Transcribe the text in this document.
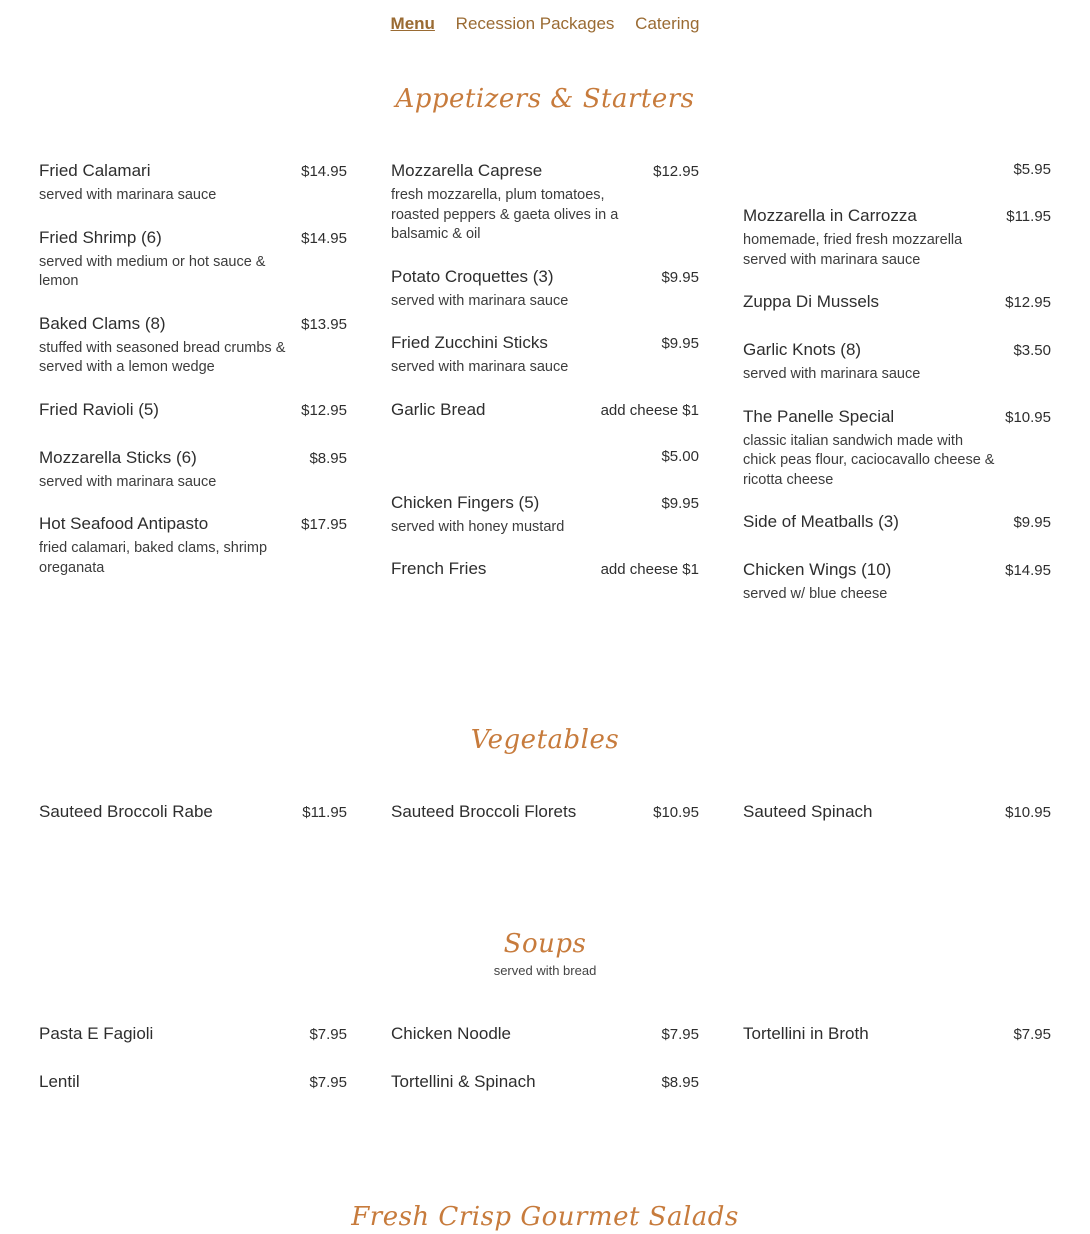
Menu Recession Packages Catering
Appetizers & Starters
Fried Calamari	$14.95
served with marinara sauce
Fried Shrimp (6)	$14.95
served with medium or hot sauce & lemon
Baked Clams (8)	$13.95
stuffed with seasoned bread crumbs & served with a lemon wedge
Fried Ravioli (5)	$12.95
Mozzarella Sticks (6)	$8.95
served with marinara sauce
Hot Seafood Antipasto	$17.95
fried calamari, baked clams, shrimp oreganata
Mozzarella Caprese	$12.95
fresh mozzarella, plum tomatoes, roasted peppers & gaeta olives in a balsamic & oil
Potato Croquettes (3)	$9.95
served with marinara sauce
Fried Zucchini Sticks	$9.95
served with marinara sauce
Garlic Bread	add cheese $1
$5.00
Chicken Fingers (5)	$9.95
served with honey mustard
French Fries	add cheese $1
$5.95
Mozzarella in Carrozza	$11.95
homemade, fried fresh mozzarella served with marinara sauce
Zuppa Di Mussels	$12.95
Garlic Knots (8)	$3.50
served with marinara sauce
The Panelle Special	$10.95
classic italian sandwich made with chick peas flour, caciocavallo cheese & ricotta cheese
Side of Meatballs (3)	$9.95
Chicken Wings (10)	$14.95
served w/ blue cheese
Vegetables
Sauteed Broccoli Rabe	$11.95	Sauteed Broccoli Florets	$10.95	Sauteed Spinach	$10.95
Soups
served with bread
Pasta E Fagioli	$7.95
Lentil	$7.95
Chicken Noodle	$7.95
Tortellini & Spinach	$8.95
Tortellini in Broth	$7.95
Fresh Crisp Gourmet Salads
